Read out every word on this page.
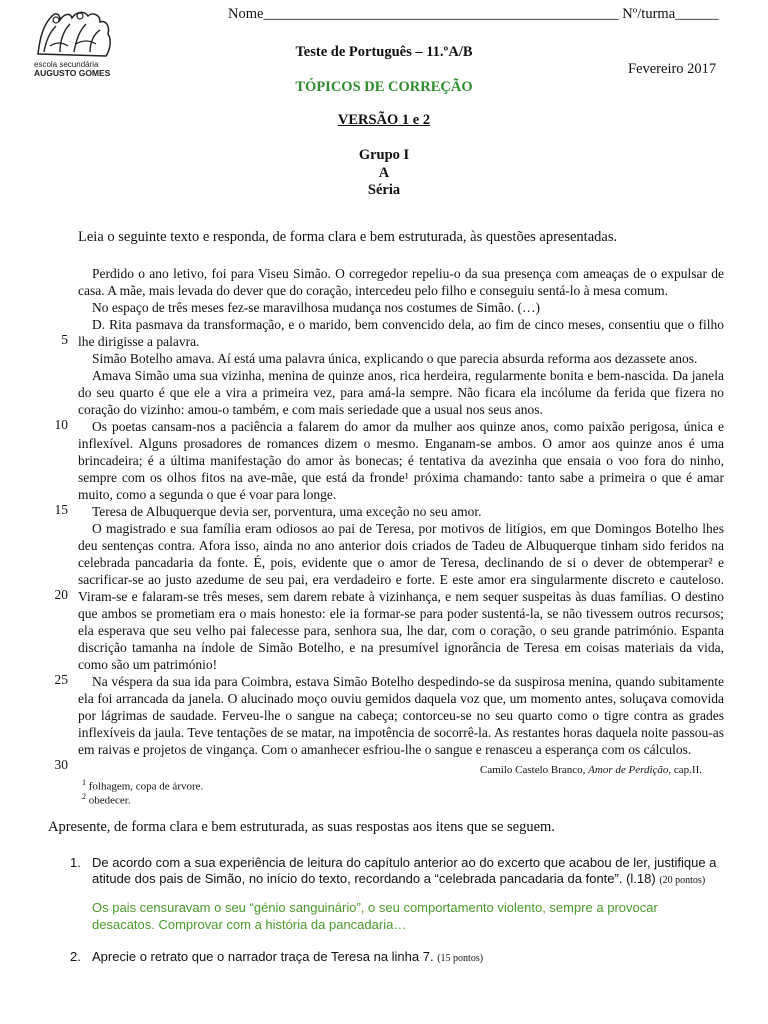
escola secundária
AUGUSTO GOMES
Nome_________________________________________________ Nº/turma______
Teste de Português – 11.ºA/B
Fevereiro 2017
TÓPICOS DE CORREÇÃO
VERSÃO 1 e 2
Grupo I
A
Séria
Leia o seguinte texto e responda, de forma clara e bem estruturada, às questões apresentadas.
5
10
15
20
25
30

Perdido o ano letivo, foi para Viseu Simão. O corregedor repeliu-o da sua presença com ameaças de o expulsar de casa. A mãe, mais levada do dever que do coração, intercedeu pelo filho e conseguiu sentá-lo à mesa comum.

No espaço de três meses fez-se maravilhosa mudança nos costumes de Simão. (…)

D. Rita pasmava da transformação, e o marido, bem convencido dela, ao fim de cinco meses, consentiu que o filho lhe dirigisse a palavra.

Simão Botelho amava. Aí está uma palavra única, explicando o que parecia absurda reforma aos dezassete anos.

Amava Simão uma sua vizinha, menina de quinze anos, rica herdeira, regularmente bonita e bem-nascida. Da janela do seu quarto é que ele a vira a primeira vez, para amá-la sempre. Não ficara ela incólume da ferida que fizera no coração do vizinho: amou-o também, e com mais seriedade que a usual nos seus anos.

Os poetas cansam-nos a paciência a falarem do amor da mulher aos quinze anos, como paixão perigosa, única e inflexível. Alguns prosadores de romances dizem o mesmo. Enganam-se ambos. O amor aos quinze anos é uma brincadeira; é a última manifestação do amor às bonecas; é tentativa da avezinha que ensaia o voo fora do ninho, sempre com os olhos fitos na ave-mãe, que está da fronde¹ próxima chamando: tanto sabe a primeira o que é amar muito, como a segunda o que é voar para longe.

Teresa de Albuquerque devia ser, porventura, uma exceção no seu amor.

O magistrado e sua família eram odiosos ao pai de Teresa, por motivos de litígios, em que Domingos Botelho lhes deu sentenças contra. Afora isso, ainda no ano anterior dois criados de Tadeu de Albuquerque tinham sido feridos na celebrada pancadaria da fonte. É, pois, evidente que o amor de Teresa, declinando de si o dever de obtemperar² e sacrificar-se ao justo azedume de seu pai, era verdadeiro e forte. E este amor era singularmente discreto e cauteloso. Viram-se e falaram-se três meses, sem darem rebate à vizinhança, e nem sequer suspeitas às duas famílias. O destino que ambos se prometiam era o mais honesto: ele ia formar-se para poder sustentá-la, se não tivessem outros recursos; ela esperava que seu velho pai falecesse para, senhora sua, lhe dar, com o coração, o seu grande património. Espanta discrição tamanha na índole de Simão Botelho, e na presumível ignorância de Teresa em coisas materiais da vida, como são um património!

Na véspera da sua ida para Coimbra, estava Simão Botelho despedindo-se da suspirosa menina, quando subitamente ela foi arrancada da janela. O alucinado moço ouviu gemidos daquela voz que, um momento antes, soluçava comovida por lágrimas de saudade. Ferveu-lhe o sangue na cabeça; contorceu-se no seu quarto como o tigre contra as grades inflexíveis da jaula. Teve tentações de se matar, na impotência de socorrê-la. As restantes horas daquela noite passou-as em raivas e projetos de vingança. Com o amanhecer esfriou-lhe o sangue e renasceu a esperança com os cálculos.

Camilo Castelo Branco, Amor de Perdição, cap.II.
$^1$ folhagem, copa de árvore.
$^2$ obedecer.
Apresente, de forma clara e bem estruturada, as suas respostas aos itens que se seguem.
1. De acordo com a sua experiência de leitura do capítulo anterior ao do excerto que acabou de ler, justifique a atitude dos pais de Simão, no início do texto, recordando a “celebrada pancadaria da fonte”. (l.18) (20 pontos)
Os pais censuravam o seu “génio sanguinário”, o seu comportamento violento, sempre a provocar desacatos. Comprovar com a história da pancadaria…
2. Aprecie o retrato que o narrador traça de Teresa na linha 7. (15 pontos)
